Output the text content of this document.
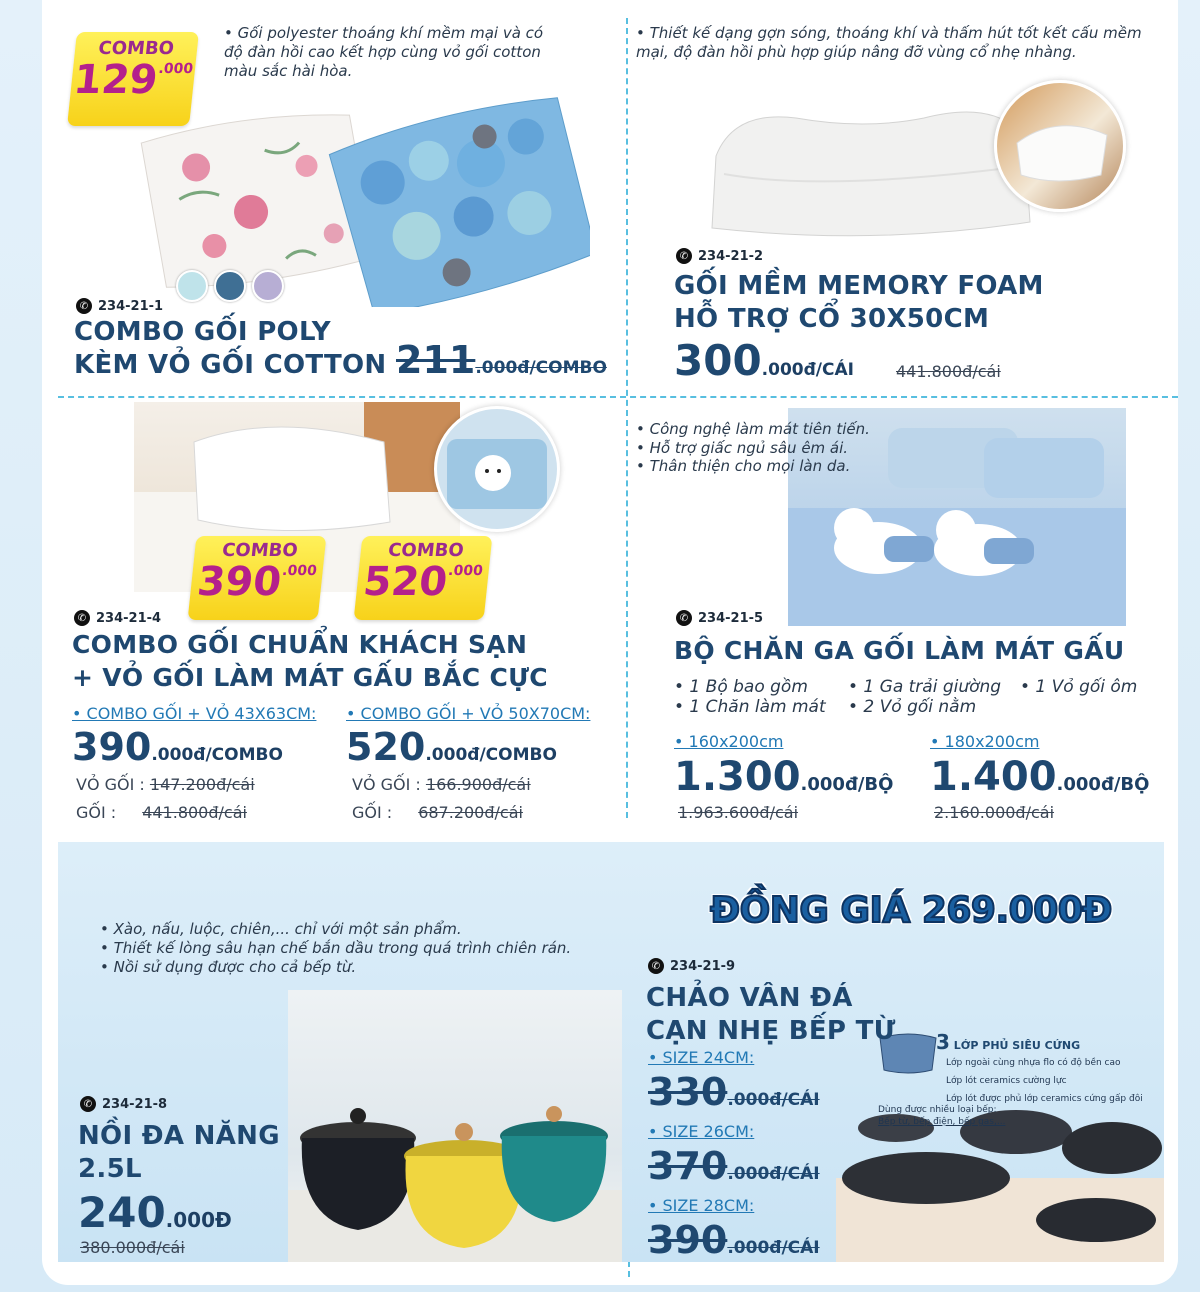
• Gối polyester thoáng khí mềm mại và có độ đàn hồi cao kết hợp cùng vỏ gối cotton màu sắc hài hòa.
COMBO
$129^{.000}$
✆ 234-21-1
COMBO GỐI POLY
KÈM VỎ GỐI COTTON 211.000đ/COMBO
• Thiết kế dạng gợn sóng, thoáng khí và thấm hút tốt kết cấu mềm mại, độ đàn hồi phù hợp giúp nâng đỡ vùng cổ nhẹ nhàng.
✆ 234-21-2
GỐI MỀM MEMORY FOAM
HỖ TRỢ CỔ 30X50CM
300.000đ/CÁI	441.800đ/cái
COMBO
$390^{.000}$
COMBO
$520^{.000}$
✆ 234-21-4
COMBO GỐI CHUẨN KHÁCH SẠN
+ VỎ GỐI LÀM MÁT GẤU BẮC CỰC
• COMBO GỐI + VỎ 43X63CM:
390.000đ/COMBO
VỎ GỐI : 147.200đ/cái
GỐI : 441.800đ/cái
• COMBO GỐI + VỎ 50X70CM:
520.000đ/COMBO
VỎ GỐI : 166.900đ/cái
GỐI : 687.200đ/cái
• Công nghệ làm mát tiên tiến.
• Hỗ trợ giấc ngủ sâu êm ái.
• Thân thiện cho mọi làn da.
✆ 234-21-5
BỘ CHĂN GA GỐI LÀM MÁT GẤU
• 1 Bộ bao gồm • 1 Ga trải giường • 1 Vỏ gối ôm
• 1 Chăn làm mát • 2 Vỏ gối nằm
• 160x200cm
1.300.000đ/BỘ
1.963.600đ/cái
• 180x200cm
1.400.000đ/BỘ
2.160.000đ/cái
• Xào, nấu, luộc, chiên,... chỉ với một sản phẩm.
• Thiết kế lòng sâu hạn chế bắn dầu trong quá trình chiên rán.
• Nồi sử dụng được cho cả bếp từ.
✆ 234-21-8
NỒI ĐA NĂNG
2.5L
240.000Đ
380.000đ/cái
ĐỒNG GIÁ 269.000Đ
3 LỚP PHỦ SIÊU CỨNG
Lớp ngoài cùng nhựa flo có độ bền cao
Lớp lót ceramics cường lực
Lớp lót được phủ lớp ceramics cứng gấp đôi
Dùng được nhiều loại bếp:
Bếp từ, bếp điện, bếp gas,...
✆ 234-21-9
CHẢO VÂN ĐÁ
CẠN NHẸ BẾP TỪ
• SIZE 24CM:
330.000đ/CÁI
• SIZE 26CM:
370.000đ/CÁI
• SIZE 28CM:
390.000đ/CÁI
